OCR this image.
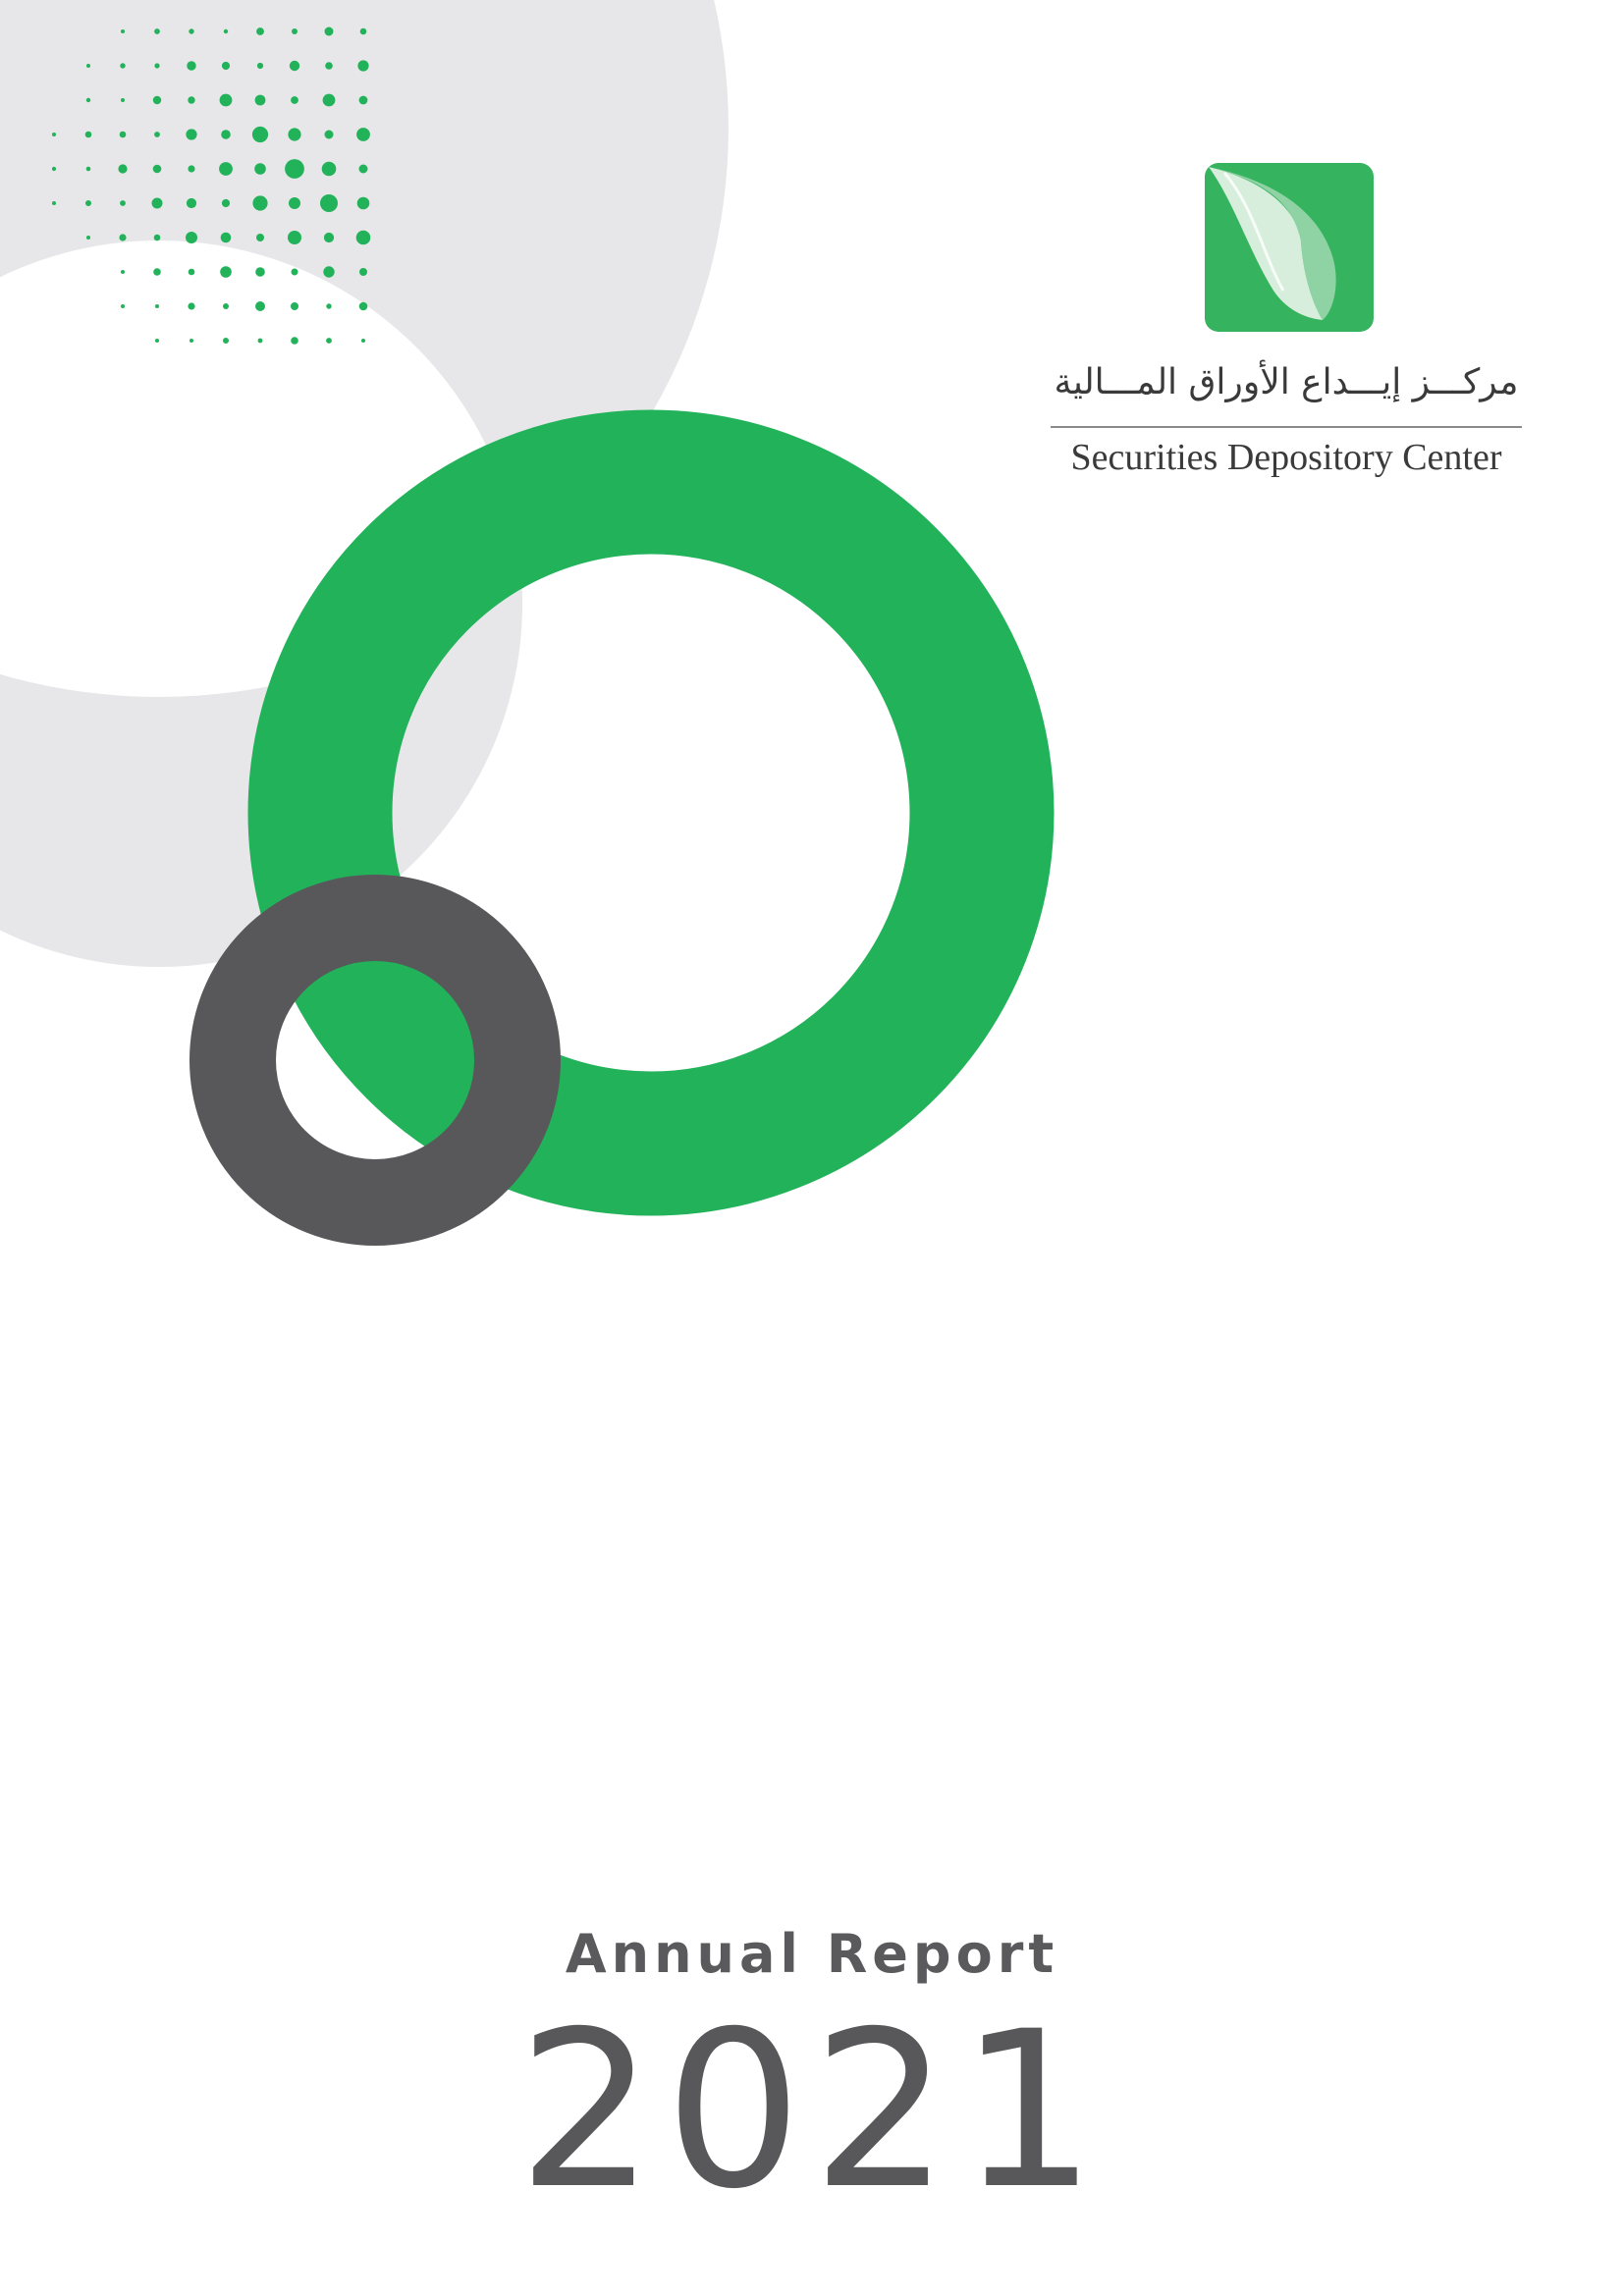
مركـــز إيـــداع الأوراق المـــالية
Securities Depository Center
Annual Report
2021
